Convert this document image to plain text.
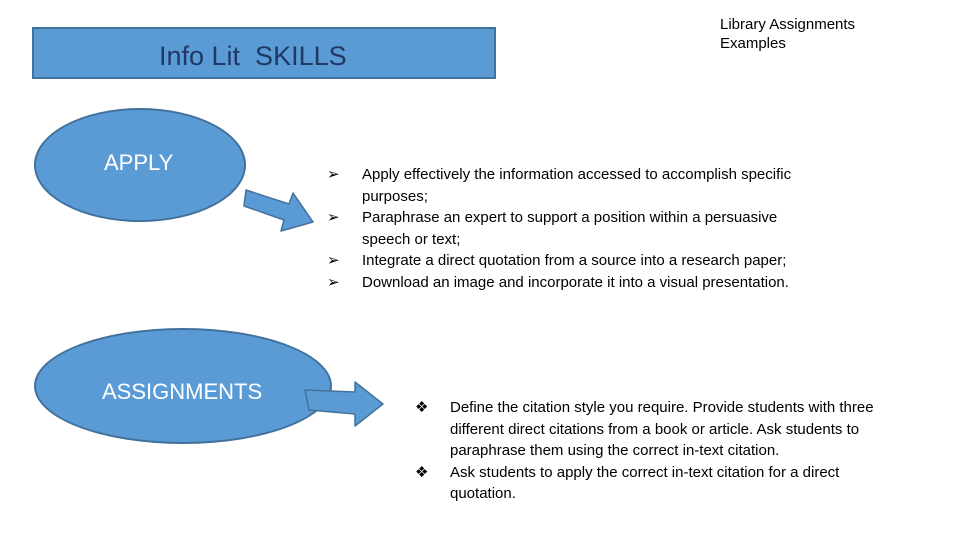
Info Lit  SKILLS
Library Assignments Examples
APPLY	➢ Apply effectively the information accessed to accomplish specific purposes;
➢ Paraphrase an expert to support a position within a persuasive speech or text;
➢ Integrate a direct quotation from a source into a research paper;
➢ Download an image and incorporate it into a visual presentation.
ASSIGNMENTS
❖ Define the citation style you require. Provide students with three different direct citations from a book or article. Ask students to paraphrase them using the correct in-text citation.
❖ Ask students to apply the correct in-text citation for a direct quotation.
